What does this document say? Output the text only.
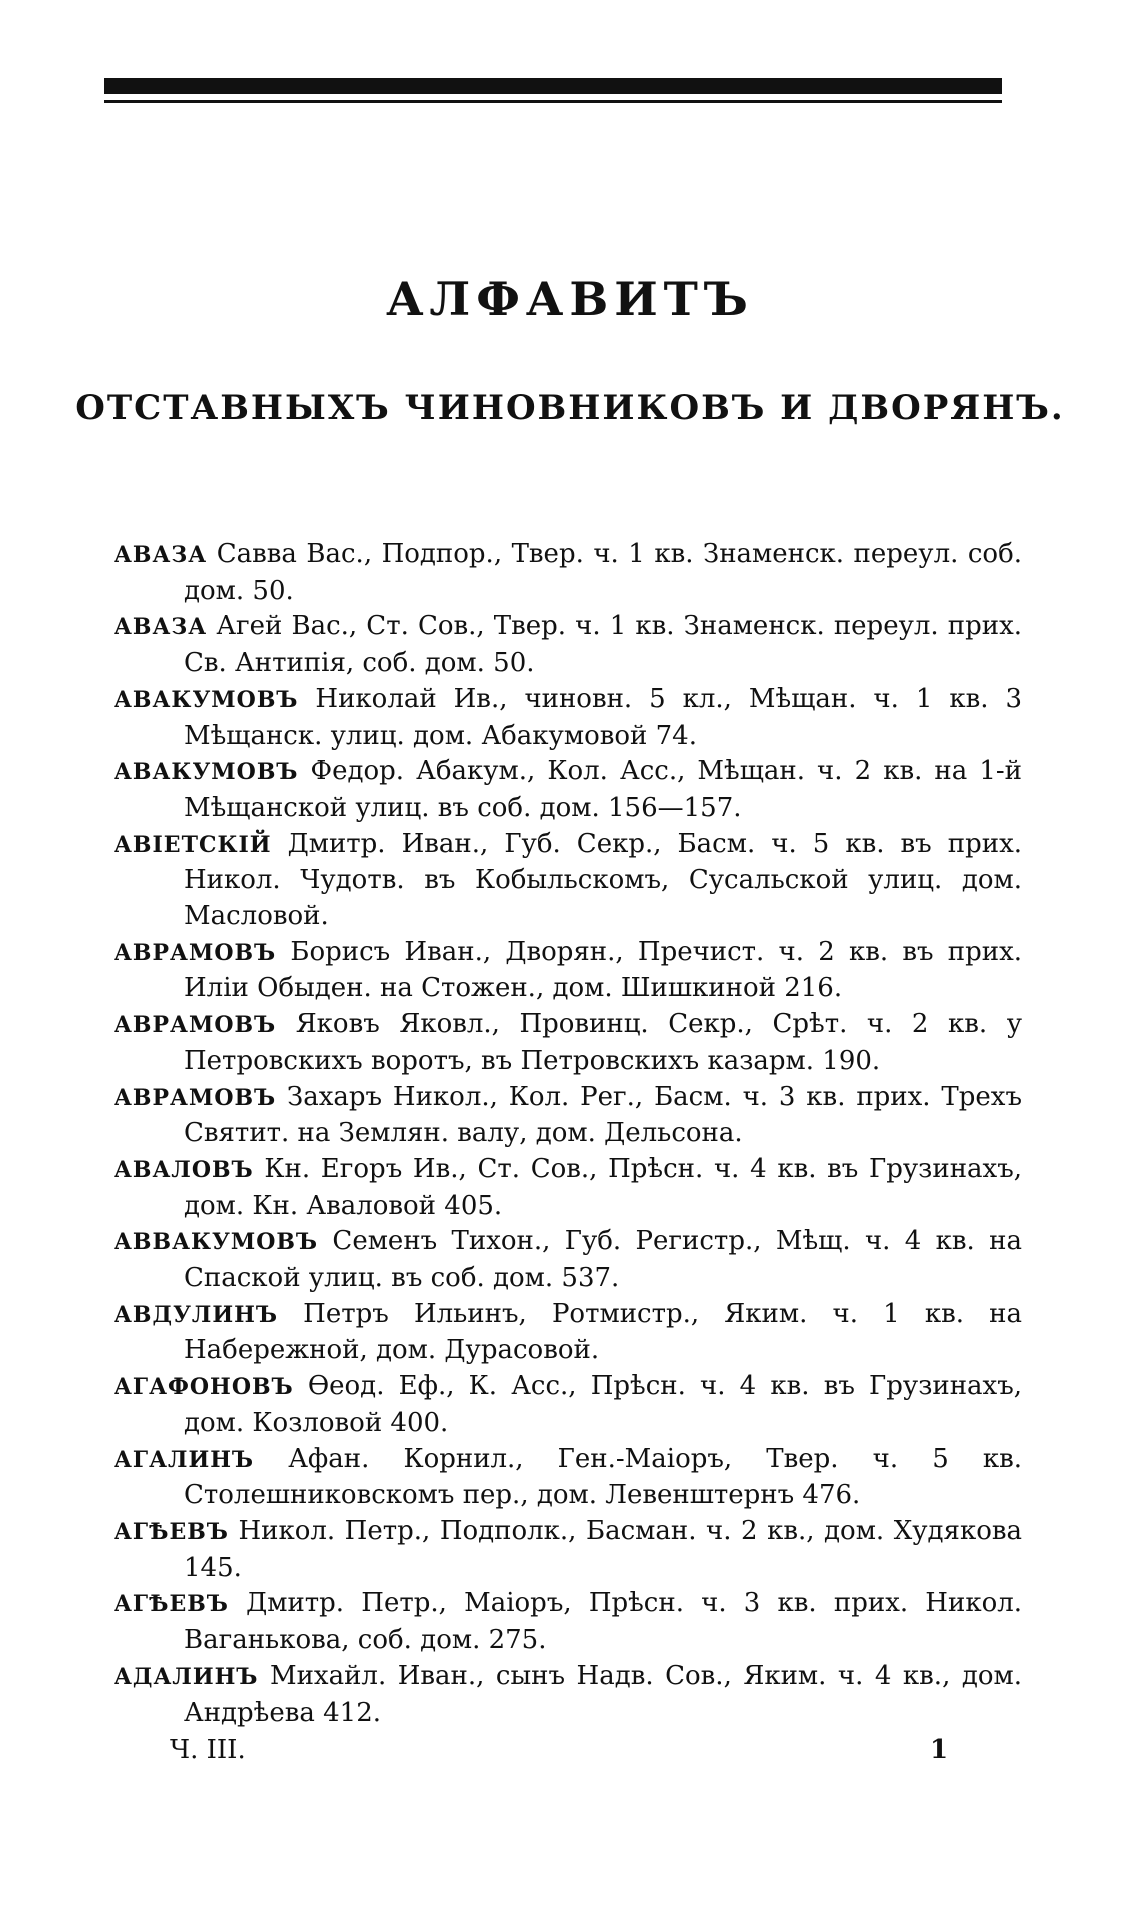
АЛФАВИТЪ
ОТСТАВНЫХЪ ЧИНОВНИКОВЪ И ДВОРЯНЪ.

АВАЗА Савва Вас., Подпор., Твер. ч. 1 кв. Знаменск. переул. соб. дом. 50.

АВАЗА Агей Вас., Ст. Сов., Твер. ч. 1 кв. Знаменск. переул. прих. Св. Антипія, соб. дом. 50.

АВАКУМОВЪ Николай Ив., чиновн. 5 кл., Мѣщан. ч. 1 кв. 3 Мѣщанск. улиц. дом. Абакумовой 74.

АВАКУМОВЪ Федор. Абакум., Кол. Асс., Мѣщан. ч. 2 кв. на 1-й Мѣщанской улиц. въ соб. дом. 156—157.

АВІЕТСКІЙ Дмитр. Иван., Губ. Секр., Басм. ч. 5 кв. въ прих. Никол. Чудотв. въ Кобыльскомъ, Сусальской улиц. дом. Масловой.

АВРАМОВЪ Борисъ Иван., Дворян., Пречист. ч. 2 кв. въ прих. Иліи Обыден. на Стожен., дом. Шишкиной 216.

АВРАМОВЪ Яковъ Яковл., Провинц. Секр., Срѣт. ч. 2 кв. у Петровскихъ воротъ, въ Петровскихъ казарм. 190.

АВРАМОВЪ Захаръ Никол., Кол. Рег., Басм. ч. 3 кв. прих. Трехъ Святит. на Землян. валу, дом. Дельсона.

АВАЛОВЪ Кн. Егоръ Ив., Ст. Сов., Прѣсн. ч. 4 кв. въ Грузинахъ, дом. Кн. Аваловой 405.

АВВАКУМОВЪ Семенъ Тихон., Губ. Регистр., Мѣщ. ч. 4 кв. на Спаской улиц. въ соб. дом. 537.

АВДУЛИНЪ Петръ Ильинъ, Ротмистр., Яким. ч. 1 кв. на Набережной, дом. Дурасовой.

АГАФОНОВЪ Ѳеод. Еф., К. Асс., Прѣсн. ч. 4 кв. въ Грузинахъ, дом. Козловой 400.

АГАЛИНЪ Афан. Корнил., Ген.-Маіоръ, Твер. ч. 5 кв. Столешниковскомъ пер., дом. Левенштернъ 476.

АГѢЕВЪ Никол. Петр., Подполк., Басман. ч. 2 кв., дом. Худякова 145.

АГѢЕВЪ Дмитр. Петр., Маіоръ, Прѣсн. ч. 3 кв. прих. Никол. Ваганькова, соб. дом. 275.

АДАЛИНЪ Михайл. Иван., сынъ Надв. Сов., Яким. ч. 4 кв., дом. Андрѣева 412.

Ч. III.	1
